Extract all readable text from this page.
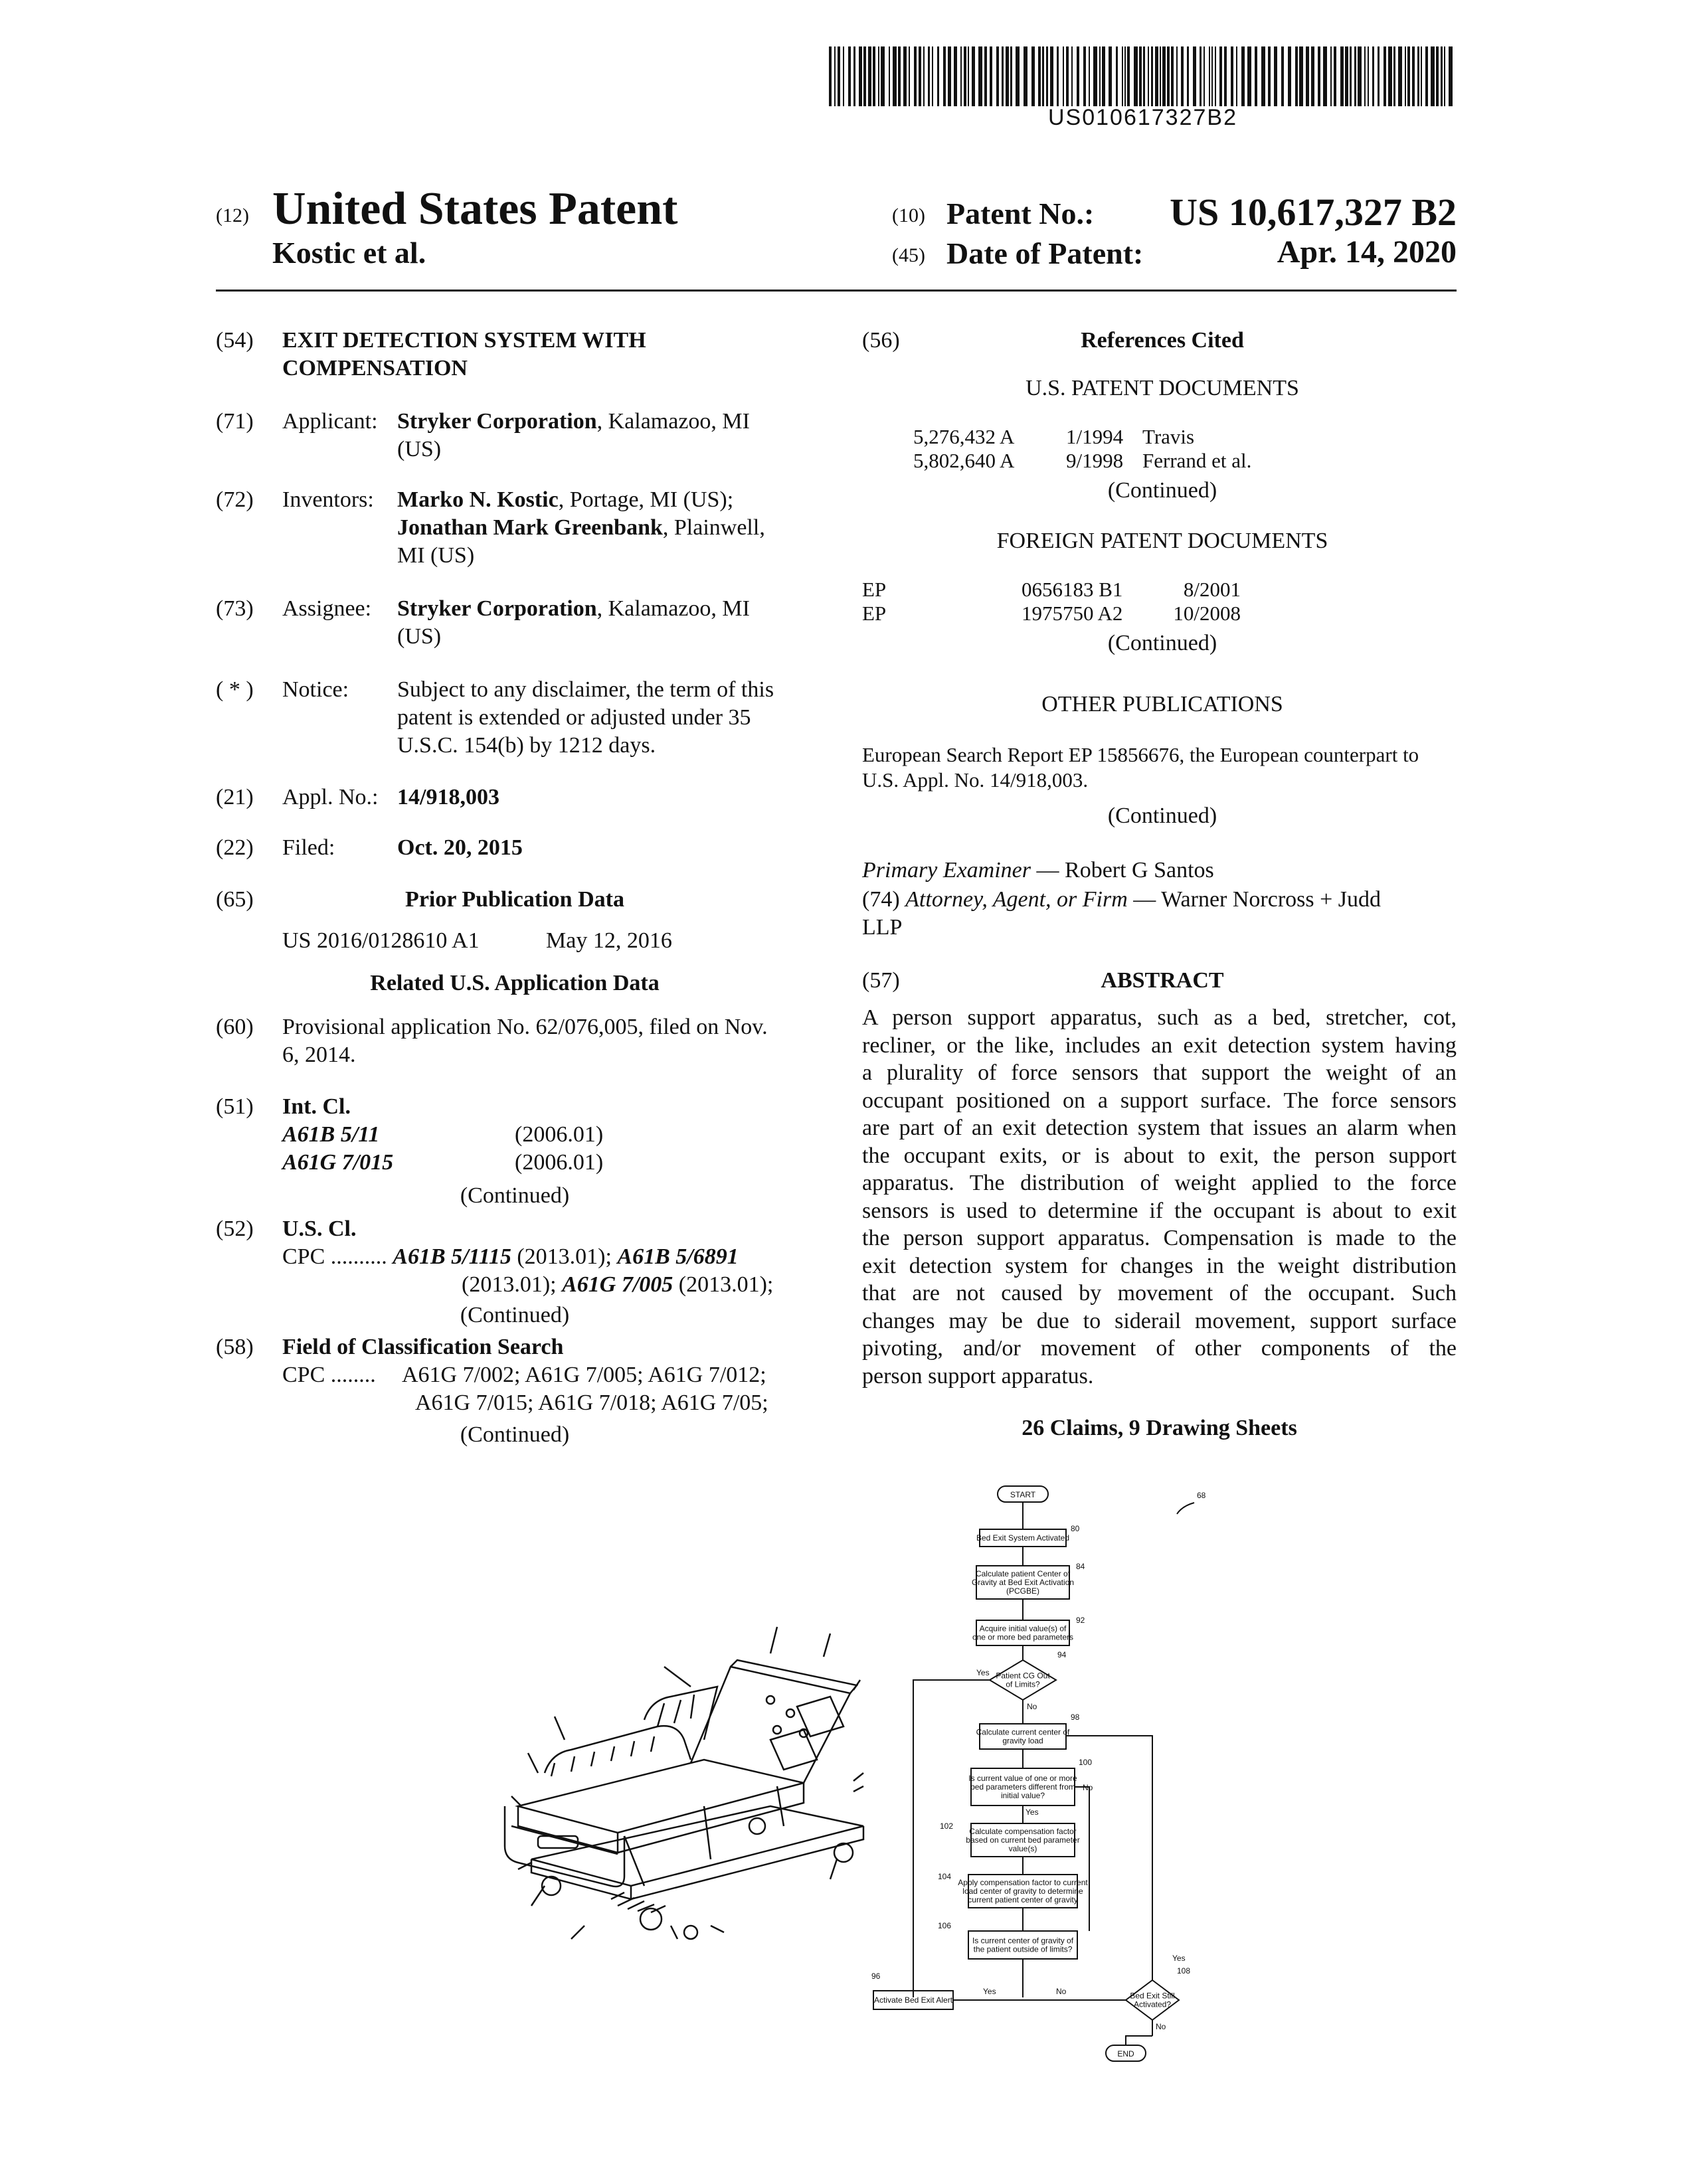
US010617327B2
(12) United States Patent
Kostic et al.
(10) Patent No.: US 10,617,327 B2
(45) Date of Patent:	Apr. 14, 2020
(54) EXIT DETECTION SYSTEM WITH
COMPENSATION
(71) Applicant: Stryker Corporation, Kalamazoo, MI
(US)
(72) Inventors: Marko N. Kostic, Portage, MI (US);
Jonathan Mark Greenbank, Plainwell,
MI (US)
(73) Assignee: Stryker Corporation, Kalamazoo, MI
(US)
( * ) Notice: Subject to any disclaimer, the term of this
patent is extended or adjusted under 35
U.S.C. 154(b) by 1212 days.
(21) Appl. No.: 14/918,003
(22) Filed:	Oct. 20, 2015
(65)	Prior Publication Data
US 2016/0128610 A1	May 12, 2016
Related U.S. Application Data
(60) Provisional application No. 62/076,005, filed on Nov.
6, 2014.
(51) Int. Cl.
A61B 5/11	(2006.01)
A61G 7/015	(2006.01)
(Continued)
(52) U.S. Cl.
CPC .......... A61B 5/1115 (2013.01); A61B 5/6891
(2013.01); A61G 7/005 (2013.01);
(Continued)
(58) Field of Classification Search
CPC ........ A61G 7/002; A61G 7/005; A61G 7/012;
A61G 7/015; A61G 7/018; A61G 7/05;
(Continued)
(56)	References Cited
U.S. PATENT DOCUMENTS
5,276,432 A	1/1994 Travis
5,802,640 A	9/1998 Ferrand et al.
(Continued)
FOREIGN PATENT DOCUMENTS
EP	0656183 B1	8/2001
EP	1975750 A2 10/2008
(Continued)
OTHER PUBLICATIONS
European Search Report EP 15856676, the European counterpart to
U.S. Appl. No. 14/918,003.
(Continued)
Primary Examiner — Robert G Santos
(74) Attorney, Agent, or Firm — Warner Norcross + Judd
LLP
(57)	ABSTRACT
A person support apparatus, such as a bed, stretcher, cot,
recliner, or the like, includes an exit detection system having
a plurality of force sensors that support the weight of an
occupant positioned on a support surface. The force sensors
are part of an exit detection system that issues an alarm when
the occupant exits, or is about to exit, the person support
apparatus. The distribution of weight applied to the force
sensors is used to determine if the occupant is about to exit
the person support apparatus. Compensation is made to the
exit detection system for changes in the weight distribution
that are not caused by movement of the occupant. Such
changes may be due to siderail movement, support surface
pivoting, and/or movement of other components of the
person support apparatus.
26 Claims, 9 Drawing Sheets
START
Bed Exit System Activated
80
Calculate patient Center of
Gravity at Bed Exit Activation
(PCGBE)
84
Acquire initial value(s) of
one or more bed parameters
92
Patient CG Out
of Limits?
94
Yes
No
Calculate current center of
gravity load
98
Is current value of one or more
bed parameters different from
initial value?
100
No
Yes
Calculate compensation factor
based on current bed parameter
value(s)
102
Apply compensation factor to current
load center of gravity to determine
current patient center of gravity
104
Is current center of gravity of
the patient outside of limits?
106
Yes	No
Activate Bed Exit Alert
96
Bed Exit Still
Activated?
108
Yes
No
END
68
